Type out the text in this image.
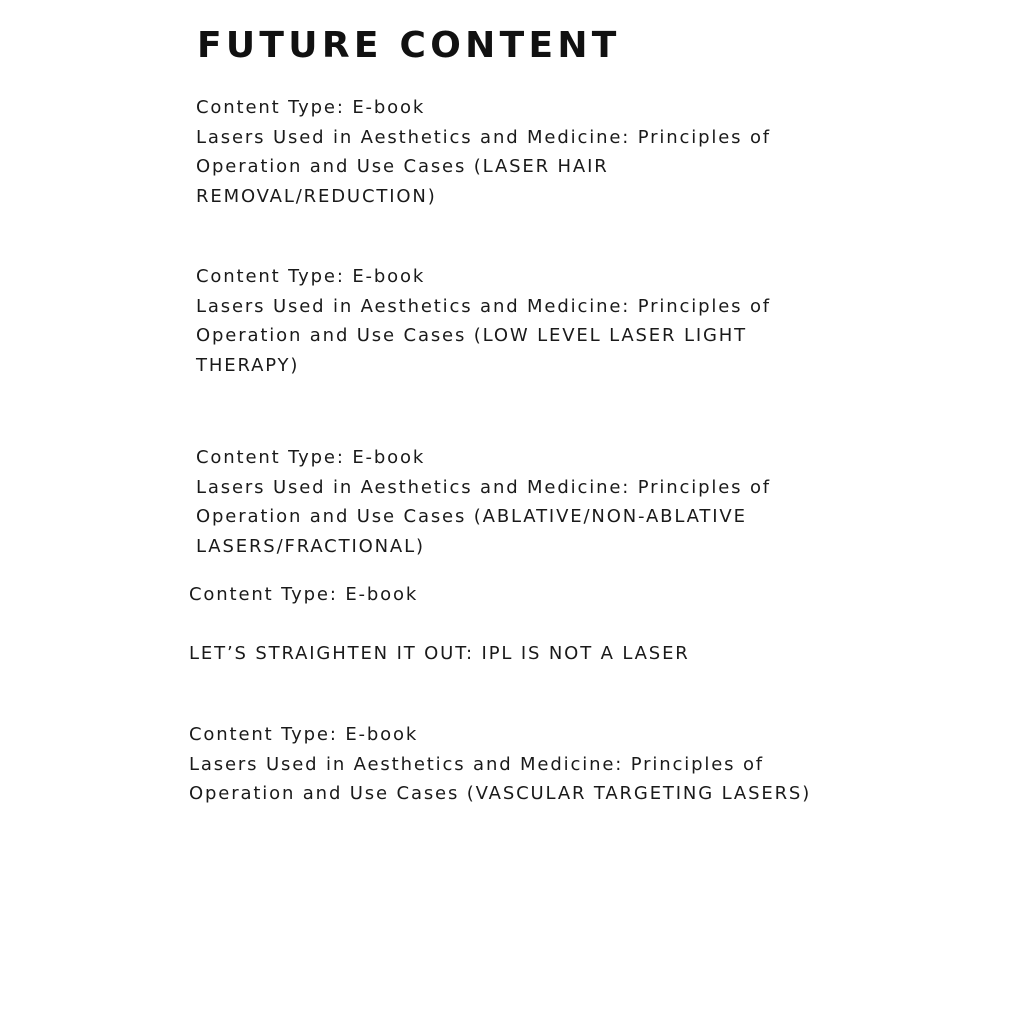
FUTURE CONTENT
Content Type: E-book
Lasers Used in Aesthetics and Medicine: Principles of
Operation and Use Cases (LASER HAIR
REMOVAL/REDUCTION)
Content Type: E-book
Lasers Used in Aesthetics and Medicine: Principles of
Operation and Use Cases (LOW LEVEL LASER LIGHT
THERAPY)
Content Type: E-book
Lasers Used in Aesthetics and Medicine: Principles of
Operation and Use Cases (ABLATIVE/NON-ABLATIVE
LASERS/FRACTIONAL)
Content Type: E-book
LET’S STRAIGHTEN IT OUT: IPL IS NOT A LASER
Content Type: E-book
Lasers Used in Aesthetics and Medicine: Principles of
Operation and Use Cases (VASCULAR TARGETING LASERS)
